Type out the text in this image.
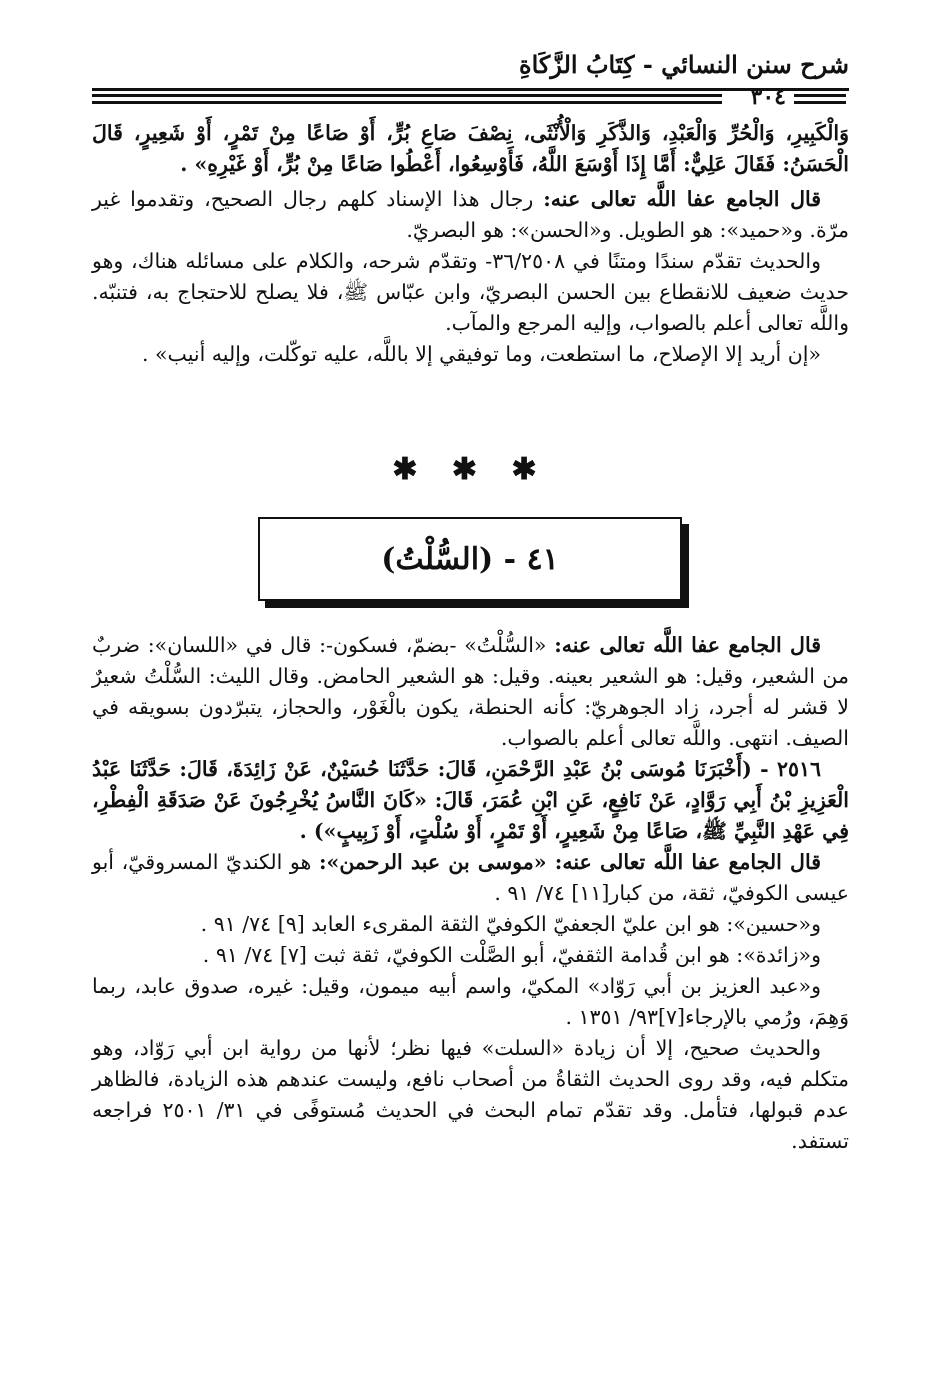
شرح سنن النسائي - كِتَابُ الزَّكَاةِ
٣٠٤

وَالْكَبِيرِ، وَالْحُرِّ وَالْعَبْدِ، وَالذَّكَرِ وَالْأُنْثَى، نِصْفَ صَاعِ بُرٍّ، أَوْ صَاعًا مِنْ تَمْرٍ، أَوْ شَعِيرٍ، قَالَ الْحَسَنُ: فَقَالَ عَلِيٌّ: أَمَّا إِذَا أَوْسَعَ اللَّهُ، فَأَوْسِعُوا، أَعْطُوا صَاعًا مِنْ بُرٍّ، أَوْ غَيْرِهِ» .

قال الجامع عفا اللَّه تعالى عنه: رجال هذا الإسناد كلهم رجال الصحيح، وتقدموا غير مرّة. و«حميد»: هو الطويل. و«الحسن»: هو البصريّ.

والحديث تقدّم سندًا ومتنًا في ٣٦/٢٥٠٨- وتقدّم شرحه، والكلام على مسائله هناك، وهو حديث ضعيف للانقطاع بين الحسن البصريّ، وابن عبّاس ﷺ، فلا يصلح للاحتجاج به، فتنبّه. واللَّه تعالى أعلم بالصواب، وإليه المرجع والمآب.

«إن أريد إلا الإصلاح، ما استطعت، وما توفيقي إلا باللَّه، عليه توكّلت، وإليه أنيب» .

✱ ✱ ✱
٤١ - (السُّلْتُ)

قال الجامع عفا اللَّه تعالى عنه: «السُّلْتُ» -بضمّ، فسكون-: قال في «اللسان»: ضربٌ من الشعير، وقيل: هو الشعير بعينه. وقيل: هو الشعير الحامض. وقال الليث: السُّلْتُ شعيرٌ لا قشر له أجرد، زاد الجوهريّ: كأنه الحنطة، يكون بالْغَوْر، والحجاز، يتبرّدون بسويقه في الصيف. انتهى. واللَّه تعالى أعلم بالصواب.

٢٥١٦ - (أَخْبَرَنَا مُوسَى بْنُ عَبْدِ الرَّحْمَنِ، قَالَ: حَدَّثَنَا حُسَيْنٌ، عَنْ زَائِدَةَ، قَالَ: حَدَّثَنَا عَبْدُ الْعَزِيزِ بْنُ أَبِي رَوَّادٍ، عَنْ نَافِعٍ، عَنِ ابْنِ عُمَرَ، قَالَ: «كَانَ النَّاسُ يُخْرِجُونَ عَنْ صَدَقَةِ الْفِطْرِ، فِي عَهْدِ النَّبِيِّ ﷺ، صَاعًا مِنْ شَعِيرٍ، أَوْ تَمْرٍ، أَوْ سُلْتٍ، أَوْ زَبِيبٍ») .

قال الجامع عفا اللَّه تعالى عنه: «موسى بن عبد الرحمن»: هو الكنديّ المسروقيّ، أبو عيسى الكوفيّ، ثقة، من كبار[١١] ٧٤/ ٩١ .

و«حسين»: هو ابن عليّ الجعفيّ الكوفيّ الثقة المقرىء العابد [٩] ٧٤/ ٩١ .

و«زائدة»: هو ابن قُدامة الثقفيّ، أبو الصَّلْت الكوفيّ، ثقة ثبت [٧] ٧٤/ ٩١ .

و«عبد العزيز بن أبي رَوّاد» المكيّ، واسم أبيه ميمون، وقيل: غيره، صدوق عابد، ربما وَهِمَ، ورُمي بالإرجاء[٧]٩٣/ ١٣٥١ .

والحديث صحيح، إلا أن زيادة «السلت» فيها نظر؛ لأنها من رواية ابن أبي رَوّاد، وهو متكلم فيه، وقد روى الحديث الثقاةُ من أصحاب نافع، وليست عندهم هذه الزيادة، فالظاهر عدم قبولها، فتأمل. وقد تقدّم تمام البحث في الحديث مُستوفًى في ٣١/ ٢٥٠١ فراجعه تستفد.
